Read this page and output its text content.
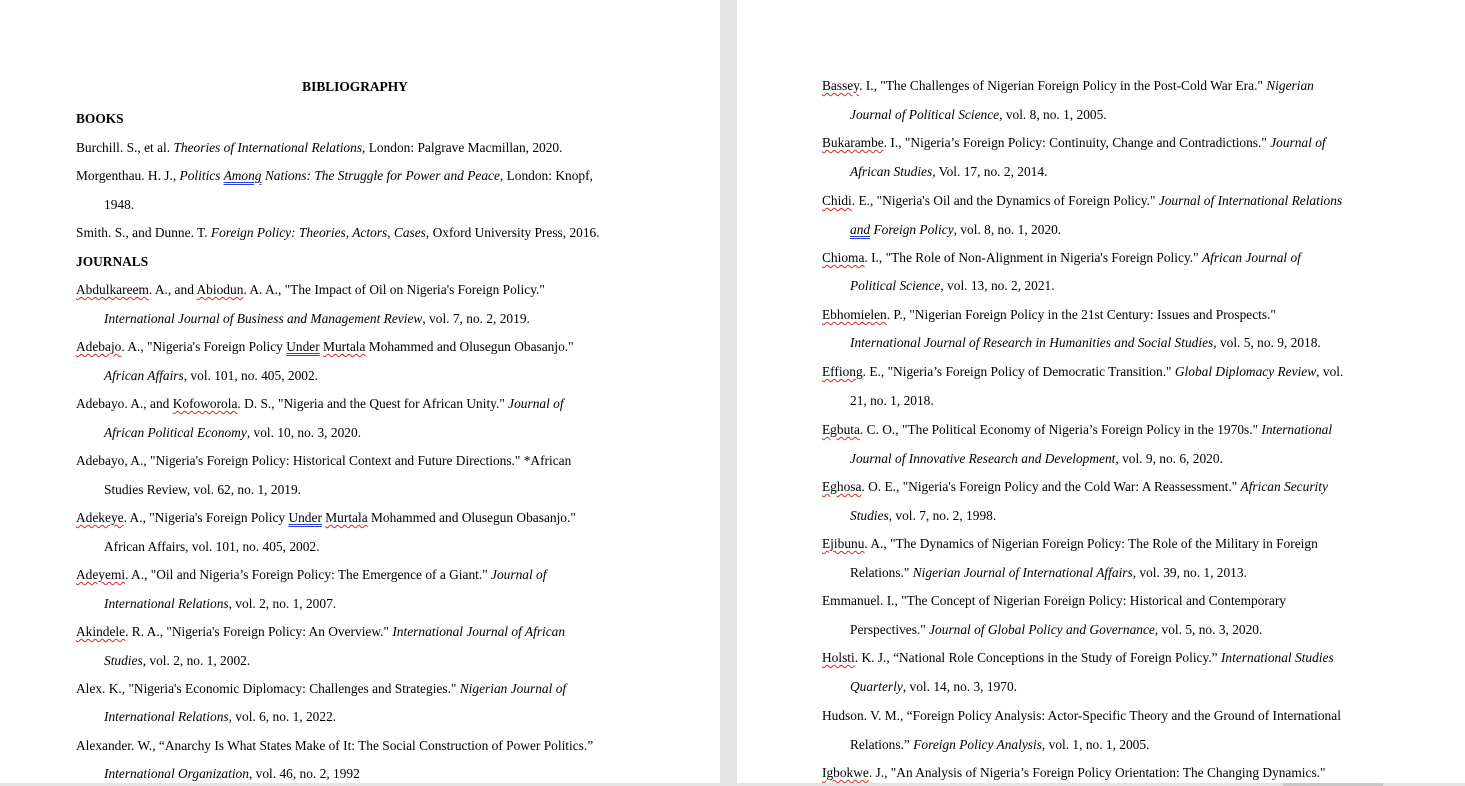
BIBLIOGRAPHY
BOOKS
Burchill. S., et al. Theories of International Relations, London: Palgrave Macmillan, 2020.
Morgenthau. H. J., Politics Among Nations: The Struggle for Power and Peace, London: Knopf,
1948.
Smith. S., and Dunne. T. Foreign Policy: Theories, Actors, Cases, Oxford University Press, 2016.
JOURNALS
Abdulkareem. A., and Abiodun. A. A., "The Impact of Oil on Nigeria's Foreign Policy."
International Journal of Business and Management Review, vol. 7, no. 2, 2019.
Adebajo. A., "Nigeria's Foreign Policy Under Murtala Mohammed and Olusegun Obasanjo."
African Affairs, vol. 101, no. 405, 2002.
Adebayo. A., and Kofoworola. D. S., "Nigeria and the Quest for African Unity." Journal of
African Political Economy, vol. 10, no. 3, 2020.
Adebayo, A., "Nigeria's Foreign Policy: Historical Context and Future Directions." *African
Studies Review, vol. 62, no. 1, 2019.
Adekeye. A., "Nigeria's Foreign Policy Under Murtala Mohammed and Olusegun Obasanjo."
African Affairs, vol. 101, no. 405, 2002.
Adeyemi. A., "Oil and Nigeria’s Foreign Policy: The Emergence of a Giant." Journal of
International Relations, vol. 2, no. 1, 2007.
Akindele. R. A., "Nigeria's Foreign Policy: An Overview." International Journal of African
Studies, vol. 2, no. 1, 2002.
Alex. K., "Nigeria's Economic Diplomacy: Challenges and Strategies." Nigerian Journal of
International Relations, vol. 6, no. 1, 2022.
Alexander. W., “Anarchy Is What States Make of It: The Social Construction of Power Politics.”
International Organization, vol. 46, no. 2, 1992
Bassey. I., "The Challenges of Nigerian Foreign Policy in the Post-Cold War Era." Nigerian
Journal of Political Science, vol. 8, no. 1, 2005.
Bukarambe. I., "Nigeria’s Foreign Policy: Continuity, Change and Contradictions." Journal of
African Studies, Vol. 17, no. 2, 2014.
Chidi. E., "Nigeria's Oil and the Dynamics of Foreign Policy." Journal of International Relations
and Foreign Policy, vol. 8, no. 1, 2020.
Chioma. I., "The Role of Non-Alignment in Nigeria's Foreign Policy." African Journal of
Political Science, vol. 13, no. 2, 2021.
Ebhomielen. P., "Nigerian Foreign Policy in the 21st Century: Issues and Prospects."
International Journal of Research in Humanities and Social Studies, vol. 5, no. 9, 2018.
Effiong. E., "Nigeria’s Foreign Policy of Democratic Transition." Global Diplomacy Review, vol.
21, no. 1, 2018.
Egbuta. C. O., "The Political Economy of Nigeria’s Foreign Policy in the 1970s." International
Journal of Innovative Research and Development, vol. 9, no. 6, 2020.
Eghosa. O. E., "Nigeria's Foreign Policy and the Cold War: A Reassessment." African Security
Studies, vol. 7, no. 2, 1998.
Ejibunu. A., "The Dynamics of Nigerian Foreign Policy: The Role of the Military in Foreign
Relations." Nigerian Journal of International Affairs, vol. 39, no. 1, 2013.
Emmanuel. I., "The Concept of Nigerian Foreign Policy: Historical and Contemporary
Perspectives." Journal of Global Policy and Governance, vol. 5, no. 3, 2020.
Holsti. K. J., “National Role Conceptions in the Study of Foreign Policy.” International Studies
Quarterly, vol. 14, no. 3, 1970.
Hudson. V. M., “Foreign Policy Analysis: Actor-Specific Theory and the Ground of International
Relations.” Foreign Policy Analysis, vol. 1, no. 1, 2005.
Igbokwe. J., "An Analysis of Nigeria’s Foreign Policy Orientation: The Changing Dynamics."
